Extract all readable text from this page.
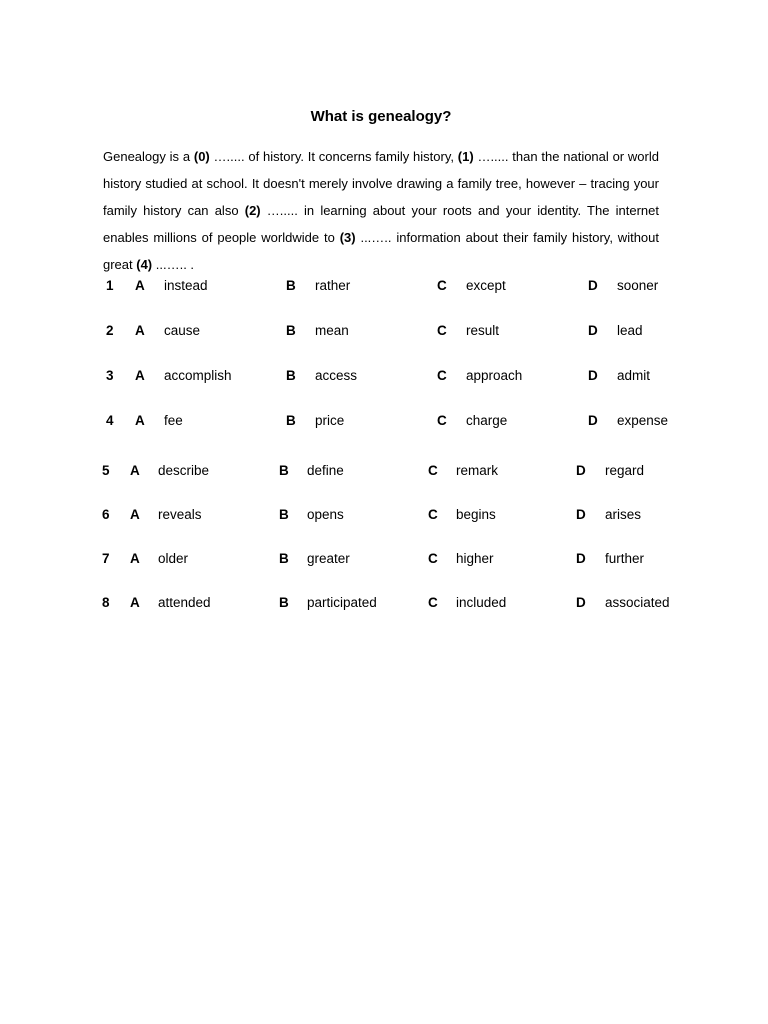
What is genealogy?
Genealogy is a (0) …..... of history. It concerns family history, (1) …..... than the national or world history studied at school. It doesn't merely involve drawing a family tree, however – tracing your family history can also (2) …..... in learning about your roots and your identity. The internet enables millions of people worldwide to (3) ...….. information about their family history, without great (4) ...….. .
1 A instead	B rather	C except	D sooner
2 A cause	B mean	C result	D lead
3 A accomplish	B access	C approach	D admit
4 A fee	B price	C charge	D expense
5 A describe	B define	C remark	D regard
6 A reveals	B opens	C begins	D arises
7 A older	B greater	C higher	D further
8 A attended	B participated	C included	D associated
